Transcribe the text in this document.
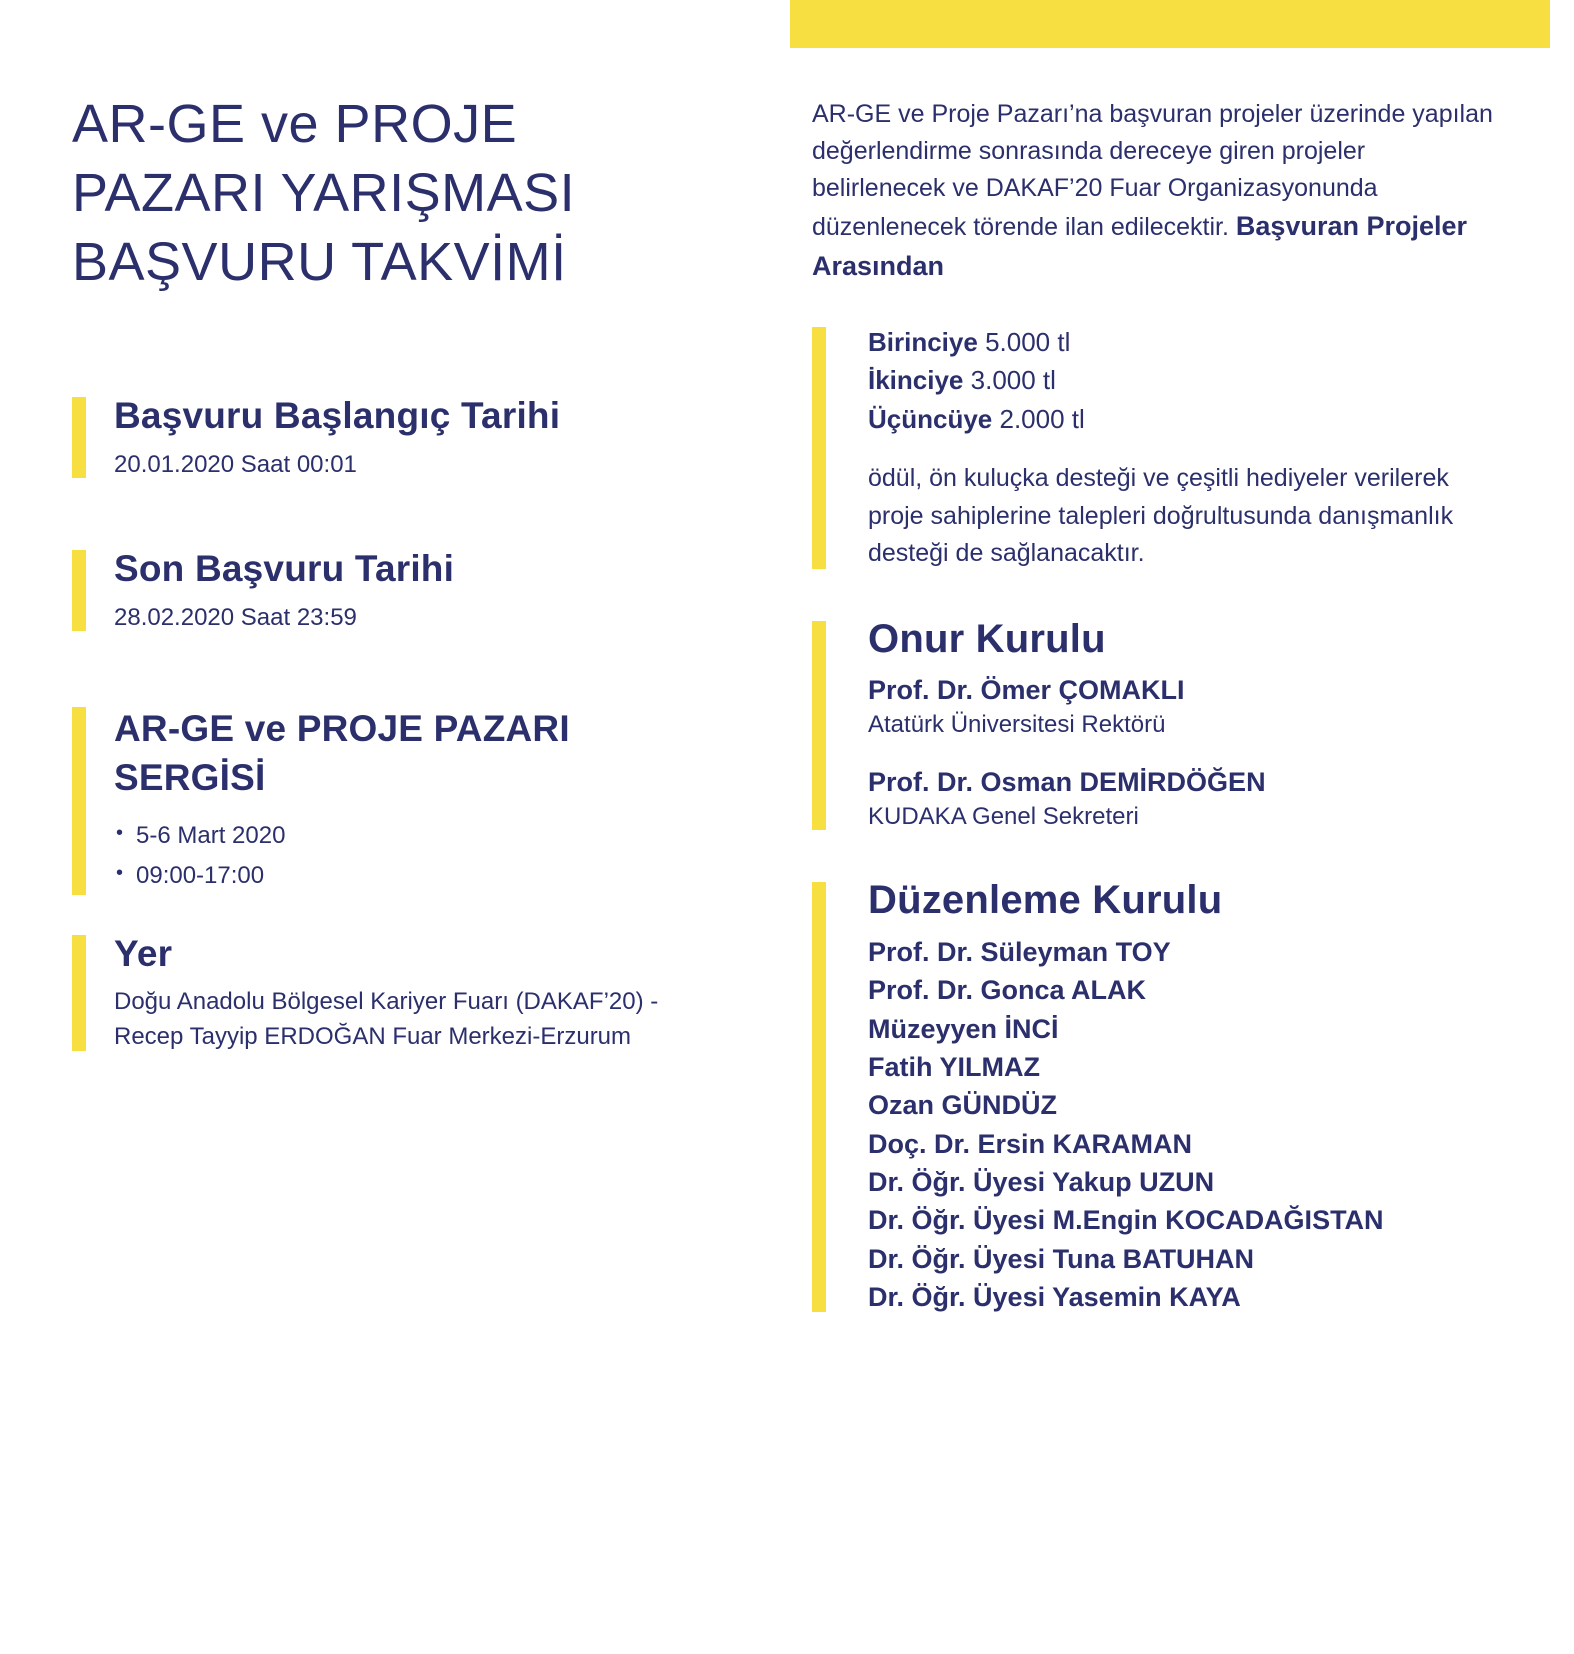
AR-GE ve PROJE
PAZARI YARIŞMASI
BAŞVURU TAKVİMİ
Başvuru Başlangıç Tarihi
20.01.2020 Saat 00:01
Son Başvuru Tarihi
28.02.2020 Saat 23:59
AR-GE ve PROJE PAZARI SERGİSİ
• 5-6 Mart 2020
• 09:00-17:00
Yer
Doğu Anadolu Bölgesel Kariyer Fuarı (DAKAF’20) - Recep Tayyip ERDOĞAN Fuar Merkezi-Erzurum

AR-GE ve Proje Pazarı’na başvuran projeler üzerinde yapılan değerlendirme sonrasında dereceye giren projeler belirlenecek ve DAKAF’20 Fuar Organizasyonunda düzenlenecek törende ilan edilecektir. Başvuran Projeler Arasından

Birinciye 5.000 tl
İkinciye 3.000 tl
Üçüncüye 2.000 tl
ödül, ön kuluçka desteği ve çeşitli hediyeler verilerek proje sahiplerine talepleri doğrultusunda danışmanlık desteği de sağlanacaktır.
Onur Kurulu
Prof. Dr. Ömer ÇOMAKLI
Atatürk Üniversitesi Rektörü
Prof. Dr. Osman DEMİRDÖĞEN
KUDAKA Genel Sekreteri
Düzenleme Kurulu
Prof. Dr. Süleyman TOY
Prof. Dr. Gonca ALAK
Müzeyyen İNCİ
Fatih YILMAZ
Ozan GÜNDÜZ
Doç. Dr. Ersin KARAMAN
Dr. Öğr. Üyesi Yakup UZUN
Dr. Öğr. Üyesi M.Engin KOCADAĞISTAN
Dr. Öğr. Üyesi Tuna BATUHAN
Dr. Öğr. Üyesi Yasemin KAYA
